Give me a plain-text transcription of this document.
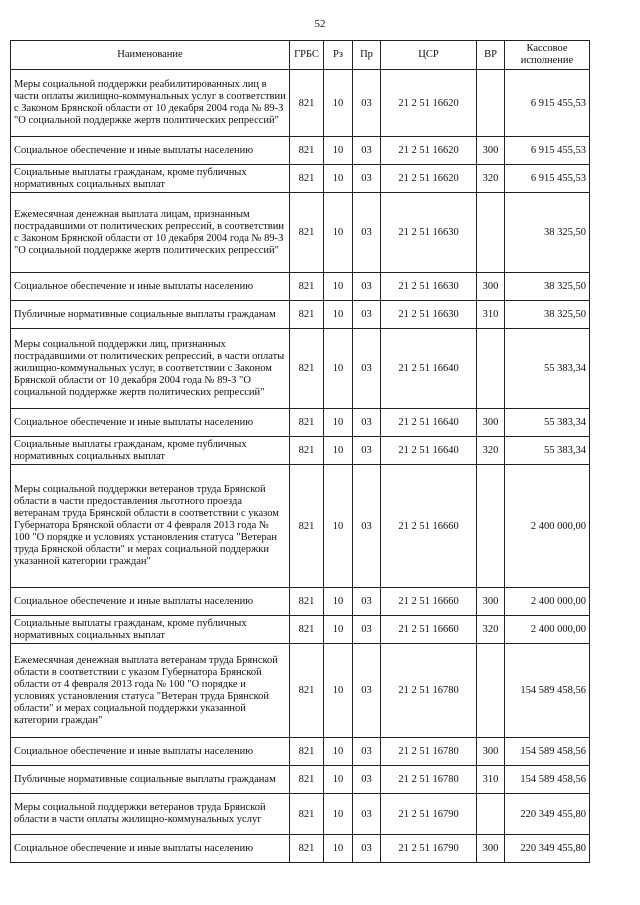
52
Наименование	ГРБС	Рз	Пр	ЦСР	ВР	Кассовое исполнение
Меры социальной поддержки реабилитированных лиц в части оплаты жилищно-коммунальных услуг в соответствии с Законом Брянской области от 10 декабря 2004 года № 89-З "О социальной поддержке жертв политических репрессий"	821	10	03	21 2 51 16620		6 915 455,53
Социальное обеспечение и иные выплаты населению	821	10	03	21 2 51 16620	300	6 915 455,53
Социальные выплаты гражданам, кроме публичных нормативных социальных выплат	821	10	03	21 2 51 16620	320	6 915 455,53
Ежемесячная денежная выплата лицам, признанным пострадавшими от политических репрессий, в соответствии с Законом Брянской области от 10 декабря 2004 года № 89-З "О социальной поддержке жертв политических репрессий"	821	10	03	21 2 51 16630		38 325,50
Социальное обеспечение и иные выплаты населению	821	10	03	21 2 51 16630	300	38 325,50
Публичные нормативные социальные выплаты гражданам	821	10	03	21 2 51 16630	310	38 325,50
Меры социальной поддержки лиц, признанных пострадавшими от политических репрессий, в части оплаты жилищно-коммунальных услуг, в соответствии с Законом Брянской области от 10 декабря 2004 года № 89-З "О социальной поддержке жертв политических репрессий"	821	10	03	21 2 51 16640		55 383,34
Социальное обеспечение и иные выплаты населению	821	10	03	21 2 51 16640	300	55 383,34
Социальные выплаты гражданам, кроме публичных нормативных социальных выплат	821	10	03	21 2 51 16640	320	55 383,34
Меры социальной поддержки ветеранов труда Брянской области в части предоставления льготного проезда ветеранам труда Брянской области в соответствии с указом Губернатора Брянской области от 4 февраля 2013 года № 100 "О порядке и условиях установления статуса "Ветеран труда Брянской области" и мерах социальной поддержки указанной категории граждан"	821	10	03	21 2 51 16660		2 400 000,00
Социальное обеспечение и иные выплаты населению	821	10	03	21 2 51 16660	300	2 400 000,00
Социальные выплаты гражданам, кроме публичных нормативных социальных выплат	821	10	03	21 2 51 16660	320	2 400 000,00
Ежемесячная денежная выплата ветеранам труда Брянской области в соответствии с указом Губернатора Брянской области от 4 февраля 2013 года № 100 "О порядке и условиях установления статуса "Ветеран труда Брянской области" и мерах социальной поддержки указанной категории граждан"	821	10	03	21 2 51 16780		154 589 458,56
Социальное обеспечение и иные выплаты населению	821	10	03	21 2 51 16780	300	154 589 458,56
Публичные нормативные социальные выплаты гражданам	821	10	03	21 2 51 16780	310	154 589 458,56
Меры социальной поддержки ветеранов труда Брянской области в части оплаты жилищно-коммунальных услуг	821	10	03	21 2 51 16790		220 349 455,80
Социальное обеспечение и иные выплаты населению	821	10	03	21 2 51 16790	300	220 349 455,80
